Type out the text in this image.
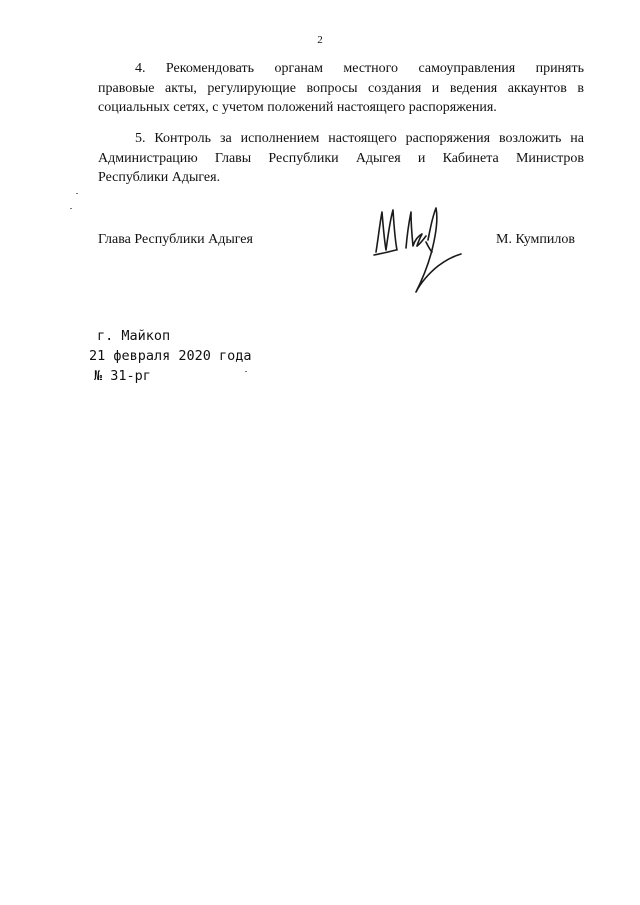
2
4. Рекомендовать органам местного самоуправления принять
правовые акты, регулирующие вопросы создания и ведения аккаунтов в
социальных сетях, с учетом положений настоящего распоряжения.
5. Контроль за исполнением настоящего распоряжения возложить на
Администрацию Главы Республики Адыгея и Кабинета Министров
Республики Адыгея.
Глава Республики Адыгея	М. Кумпилов
г. Майкоп
21 февраля 2020 года
№ 31-рг
